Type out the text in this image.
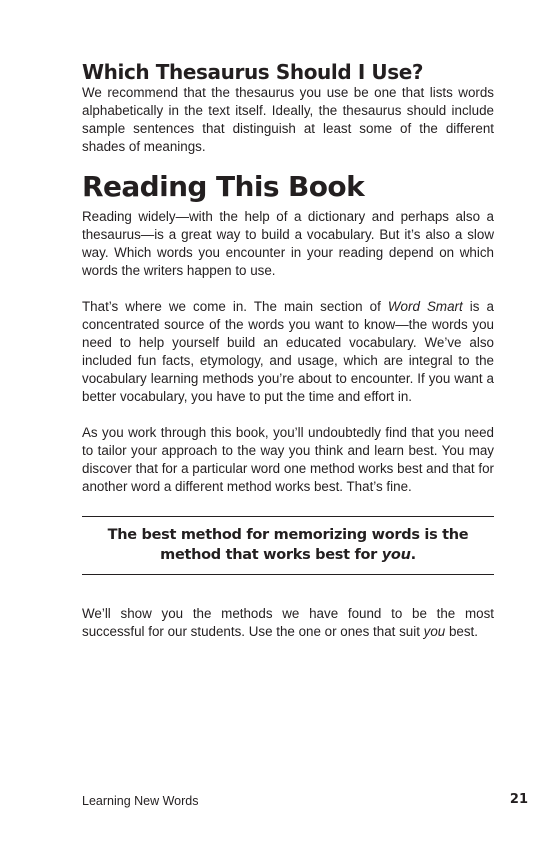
Which Thesaurus Should I Use?

We recommend that the thesaurus you use be one that lists words alphabetically in the text itself. Ideally, the thesaurus should include sample sentences that distinguish at least some of the different shades of meanings.

Reading This Book

Reading widely—with the help of a dictionary and perhaps also a thesaurus—is a great way to build a vocabulary. But it’s also a slow way. Which words you encounter in your reading depend on which words the writers happen to use.

That’s where we come in. The main section of Word Smart is a concentrated source of the words you want to know—the words you need to help yourself build an educated vocabulary. We’ve also included fun facts, etymology, and usage, which are integral to the vocabulary learning methods you’re about to encounter. If you want a better vocabulary, you have to put the time and effort in.

As you work through this book, you’ll undoubtedly find that you need to tailor your approach to the way you think and learn best. You may discover that for a particular word one method works best and that for another word a different method works best. That’s fine.

The best method for memorizing words is the
method that works best for you.

We’ll show you the methods we have found to be the most successful for our students. Use the one or ones that suit you best.

Learning New Words	21
